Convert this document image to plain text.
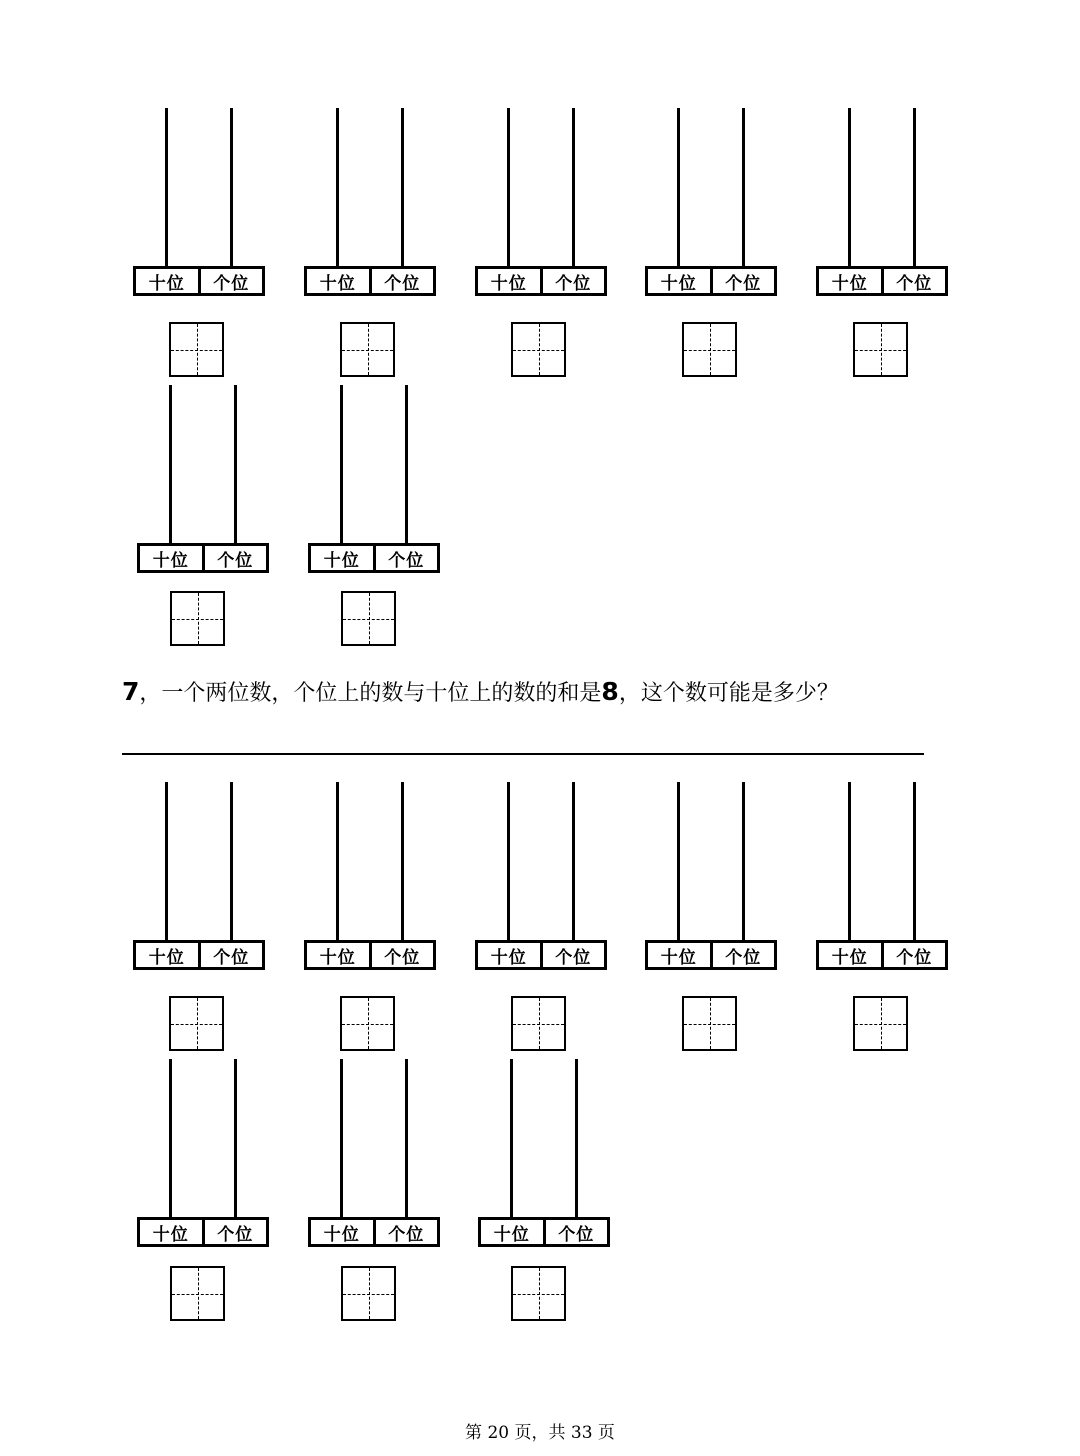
十位	个位	十位	个位	十位	个位	十位	个位	十位	个位
十位	个位	十位	个位
7，一个两位数，个位上的数与十位上的数的和是8，这个数可能是多少？
十位	个位	十位	个位	十位	个位	十位	个位	十位	个位
十位	个位	十位	个位	十位	个位
第 20 页，共 33 页
